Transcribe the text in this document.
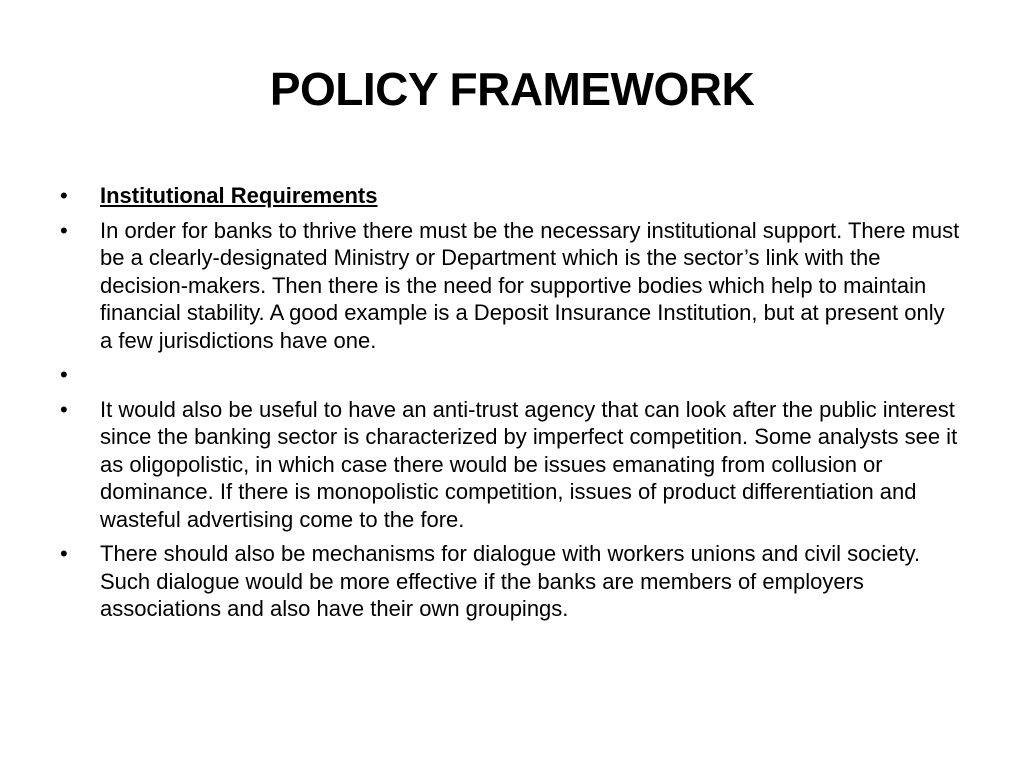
POLICY FRAMEWORK
•	Institutional Requirements
•	In order for banks to thrive there must be the necessary institutional support. There must be a clearly-designated Ministry or Department which is the sector’s link with the decision-makers. Then there is the need for supportive bodies which help to maintain financial stability. A good example is a Deposit Insurance Institution, but at present only a few jurisdictions have one.
•
•	It would also be useful to have an anti-trust agency that can look after the public interest since the banking sector is characterized by imperfect competition. Some analysts see it as oligopolistic, in which case there would be issues emanating from collusion or dominance. If there is monopolistic competition, issues of product differentiation and wasteful advertising come to the fore.
•	There should also be mechanisms for dialogue with workers unions and civil society. Such dialogue would be more effective if the banks are members of employers associations and also have their own groupings.
